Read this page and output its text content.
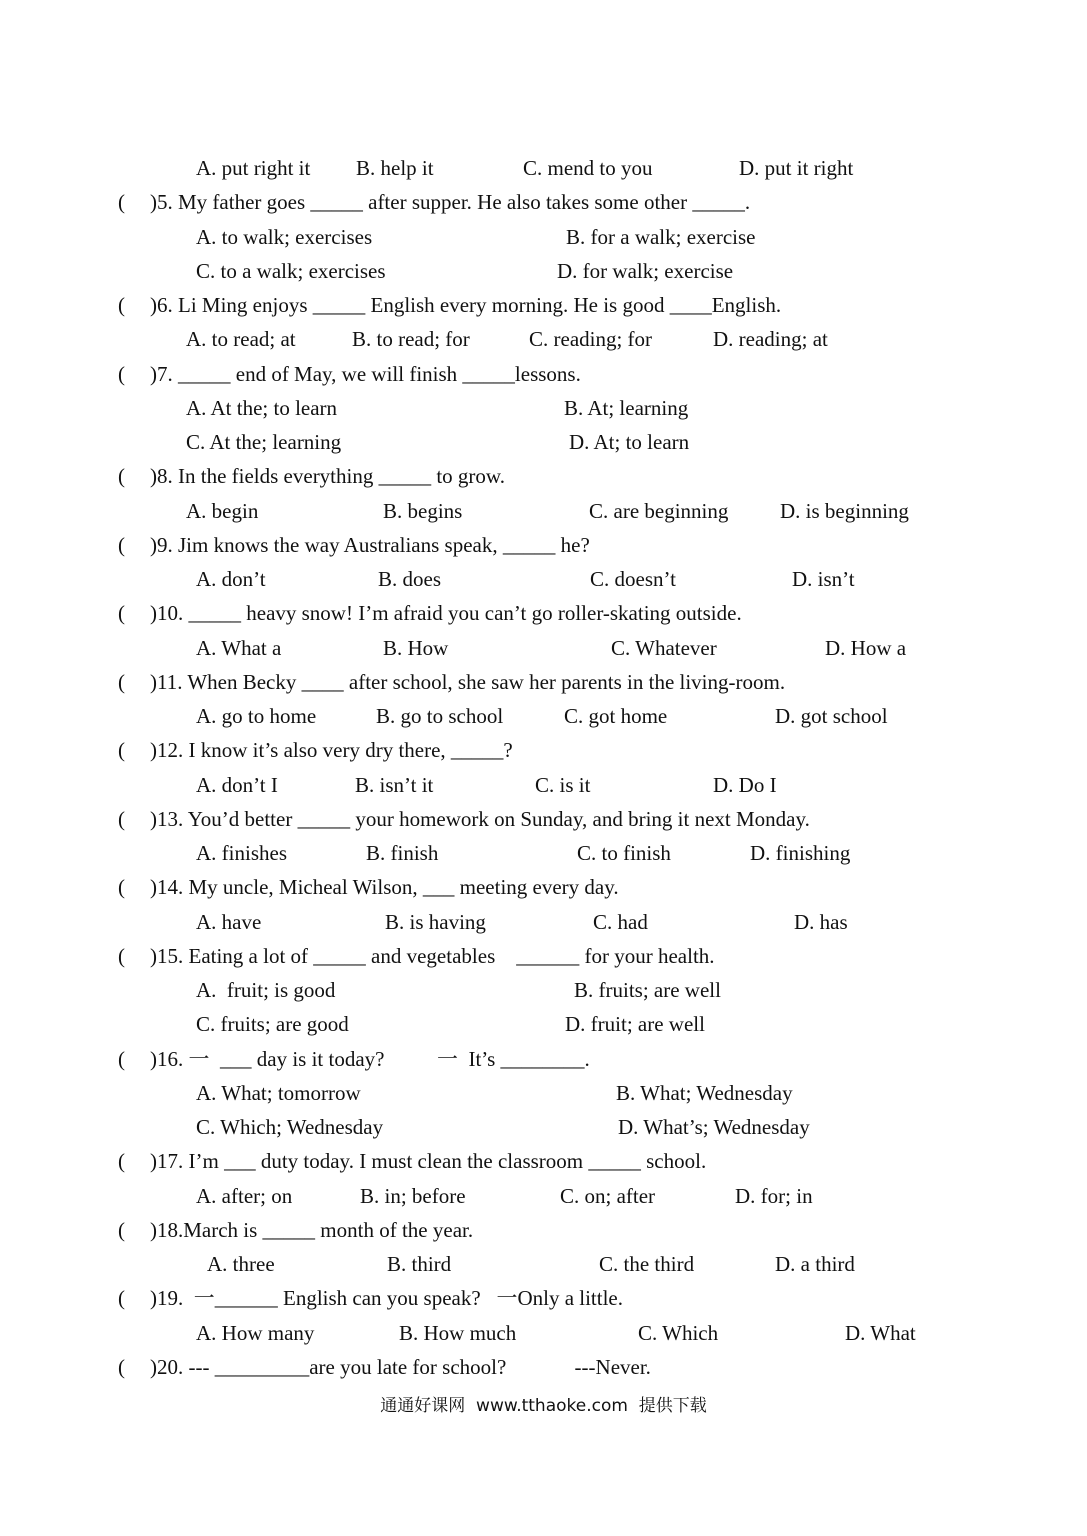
A. put right it B. help it	C. mend to you	D. put it right
( )5. My father goes _____ after supper. He also takes some other _____.
A. to walk; exercises	B. for a walk; exercise
C. to a walk; exercises	D. for walk; exercise
( )6. Li Ming enjoys _____ English every morning. He is good ____English.
A. to read; at	B. to read; for	C. reading; for	D. reading; at
( )7. _____ end of May, we will finish _____lessons.
A. At the; to learn	B. At; learning
C. At the; learning	D. At; to learn
( )8. In the fields everything _____ to grow.
A. begin	B. begins	C. are beginning D. is beginning
( )9. Jim knows the way Australians speak, _____ he?
A. don’t	B. does	C. doesn’t	D. isn’t
( )10. _____ heavy snow! I’m afraid you can’t go roller-skating outside.
A. What a	B. How	C. Whatever	D. How a
( )11. When Becky ____ after school, she saw her parents in the living-room.
A. go to home	B. go to school	C. got home	D. got school
( )12. I know it’s also very dry there, _____?
A. don’t I	B. isn’t it	C. is it	D. Do I
( )13. You’d better _____ your homework on Sunday, and bring it next Monday.
A. finishes	B. finish	C. to finish	D. finishing
( )14. My uncle, Micheal Wilson, ___ meeting every day.
A. have	B. is having	C. had	D. has
( )15. Eating a lot of _____ and vegetables    ______ for your health.
A.  fruit; is good	B. fruits; are well
C. fruits; are good	D. fruit; are well
( )16. 一  ___ day is it today?          一  It’s ________.
A. What; tomorrow	B. What; Wednesday
C. Which; Wednesday	D. What’s; Wednesday
( )17. I’m ___ duty today. I must clean the classroom _____ school.
A. after; on	B. in; before	C. on; after	D. for; in
( )18.March is _____ month of the year.
A. three	B. third	C. the third	D. a third
( )19.  一______ English can you speak?   一Only a little.
A. How many	B. How much	C. Which	D. What
( )20. --- _________are you late for school?             ---Never.
通通好课网  www.tthaoke.com  提供下载
